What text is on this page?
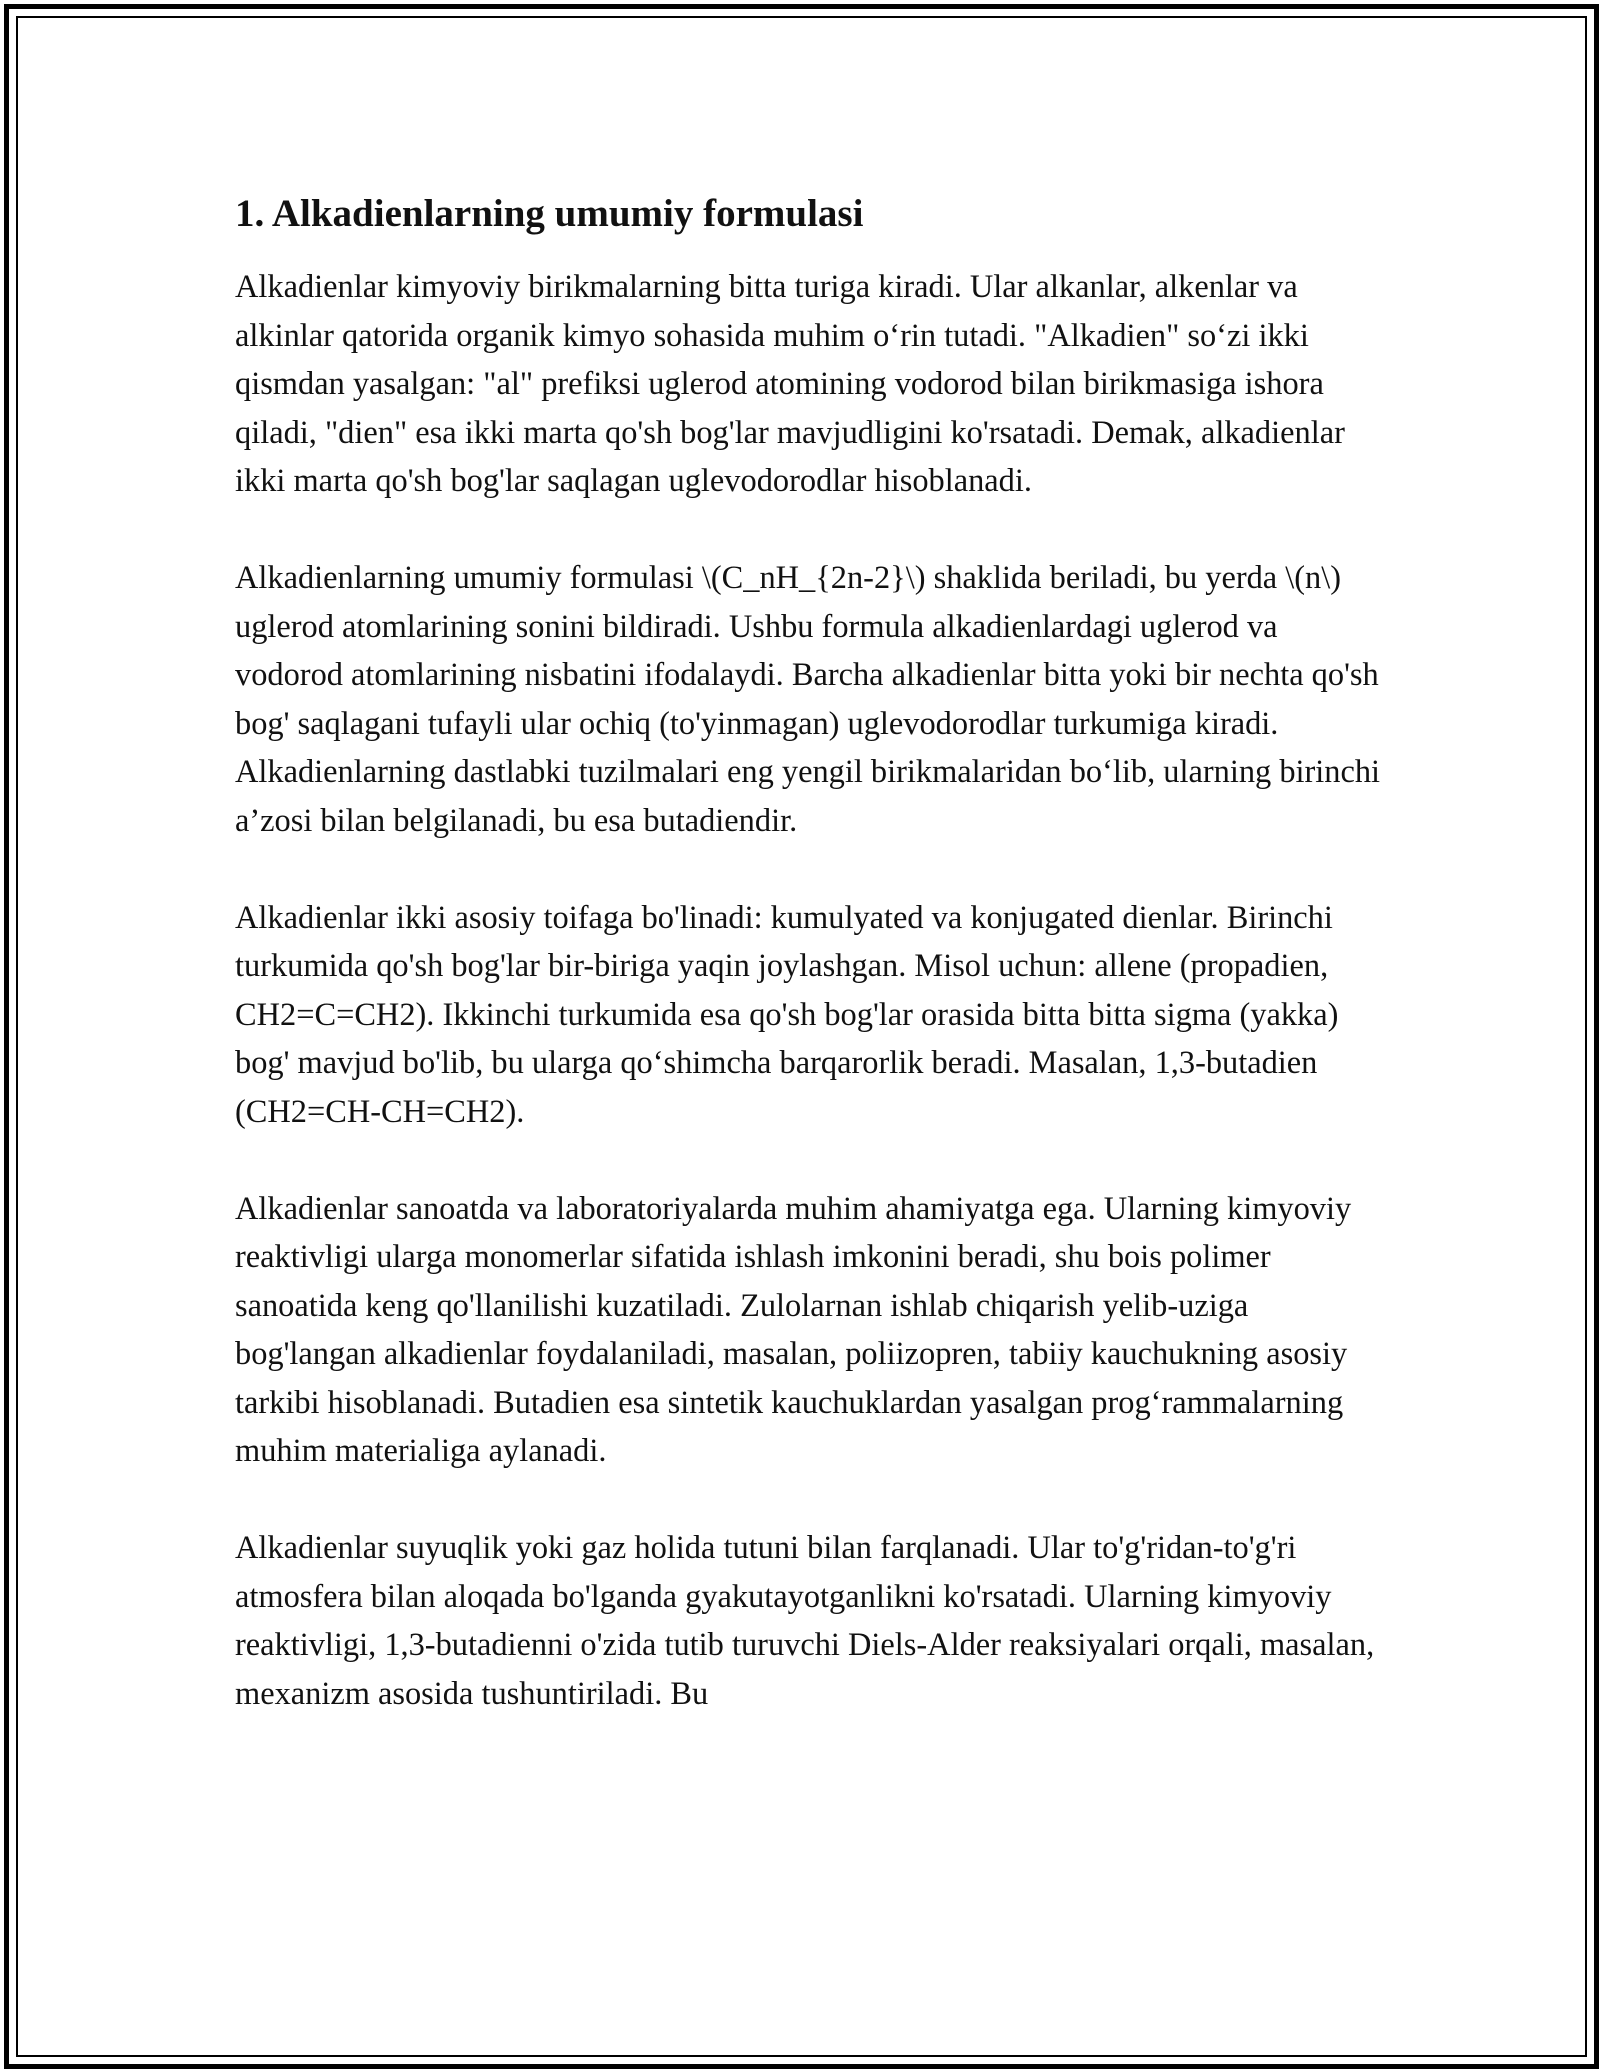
1. Alkadienlarning umumiy formulasi

Alkadienlar kimyoviy birikmalarning bitta turiga kiradi. Ular alkanlar, alkenlar va alkinlar qatorida organik kimyo sohasida muhim o‘rin tutadi. "Alkadien" so‘zi ikki qismdan yasalgan: "al" prefiksi uglerod atomining vodorod bilan birikmasiga ishora qiladi, "dien" esa ikki marta qo'sh bog'lar mavjudligini ko'rsatadi. Demak, alkadienlar ikki marta qo'sh bog'lar saqlagan uglevodorodlar hisoblanadi.

Alkadienlarning umumiy formulasi \(C_nH_{2n-2}\) shaklida beriladi, bu yerda \(n\) uglerod atomlarining sonini bildiradi. Ushbu formula alkadienlardagi uglerod va vodorod atomlarining nisbatini ifodalaydi. Barcha alkadienlar bitta yoki bir nechta qo'sh bog' saqlagani tufayli ular ochiq (to'yinmagan) uglevodorodlar turkumiga kiradi. Alkadienlarning dastlabki tuzilmalari eng yengil birikmalaridan bo‘lib, ularning birinchi a’zosi bilan belgilanadi, bu esa butadiendir.

Alkadienlar ikki asosiy toifaga bo'linadi: kumulyated va konjugated dienlar. Birinchi turkumida qo'sh bog'lar bir-biriga yaqin joylashgan. Misol uchun: allene (propadien, CH2=C=CH2). Ikkinchi turkumida esa qo'sh bog'lar orasida bitta bitta sigma (yakka) bog' mavjud bo'lib, bu ularga qo‘shimcha barqarorlik beradi. Masalan, 1,3-butadien (CH2=CH-CH=CH2).

Alkadienlar sanoatda va laboratoriyalarda muhim ahamiyatga ega. Ularning kimyoviy reaktivligi ularga monomerlar sifatida ishlash imkonini beradi, shu bois polimer sanoatida keng qo'llanilishi kuzatiladi. Zulolarnan ishlab chiqarish yelib-uziga bog'langan alkadienlar foydalaniladi, masalan, poliizopren, tabiiy kauchukning asosiy tarkibi hisoblanadi. Butadien esa sintetik kauchuklardan yasalgan prog‘rammalarning muhim materialiga aylanadi.

Alkadienlar suyuqlik yoki gaz holida tutuni bilan farqlanadi. Ular to'g'ridan-to'g'ri atmosfera bilan aloqada bo'lganda gyakutayotganlikni ko'rsatadi. Ularning kimyoviy reaktivligi, 1,3-butadienni o'zida tutib turuvchi Diels-Alder reaksiyalari orqali, masalan, mexanizm asosida tushuntiriladi. Bu
